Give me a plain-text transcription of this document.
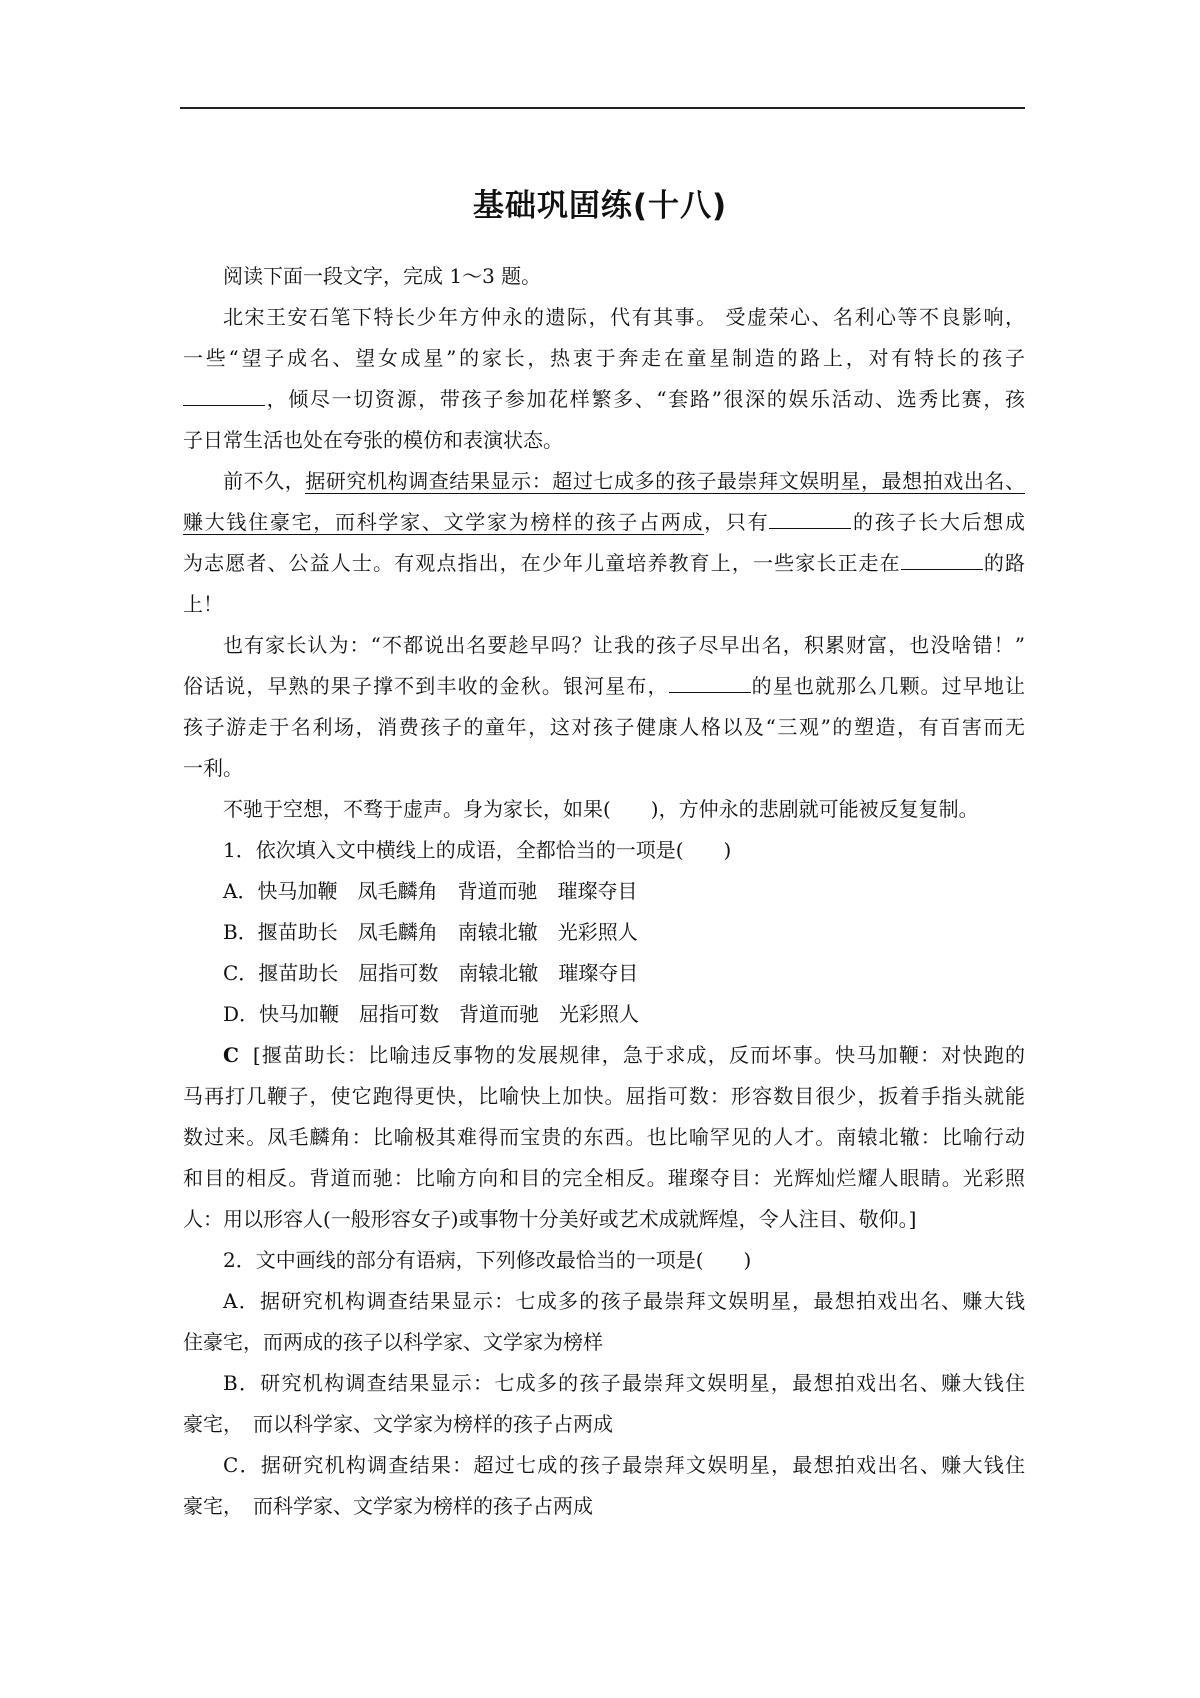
基础巩固练(十八)
阅读下面一段文字，完成 1～3 题。
北宋王安石笔下特长少年方仲永的遗际，代有其事。 受虚荣心、名利心等不良影响，
一些“望子成名、望女成星”的家长，热衷于奔走在童星制造的路上，对有特长的孩子
，倾尽一切资源，带孩子参加花样繁多、“套路”很深的娱乐活动、选秀比赛，孩
子日常生活也处在夸张的模仿和表演状态。
前不久，据研究机构调查结果显示：超过七成多的孩子最崇拜文娱明星，最想拍戏出名、
赚大钱住豪宅，而科学家、文学家为榜样的孩子占两成，只有	的孩子长大后想成
为志愿者、公益人士。有观点指出，在少年儿童培养教育上，一些家长正走在	的路
上！
也有家长认为：“不都说出名要趁早吗？让我的孩子尽早出名，积累财富，也没啥错！”
俗话说，早熟的果子撑不到丰收的金秋。银河星布，	的星也就那么几颗。过早地让
孩子游走于名利场，消费孩子的童年，这对孩子健康人格以及“三观”的塑造，有百害而无
一利。
不驰于空想，不骛于虚声。身为家长，如果(　　)，方仲永的悲剧就可能被反复复制。
1．依次填入文中横线上的成语，全都恰当的一项是(　　)
A．快马加鞭 凤毛麟角 背道而驰 璀璨夺目
B．揠苗助长 凤毛麟角 南辕北辙 光彩照人
C．揠苗助长 屈指可数 南辕北辙 璀璨夺目
D．快马加鞭 屈指可数 背道而驰 光彩照人
C [揠苗助长：比喻违反事物的发展规律，急于求成，反而坏事。快马加鞭：对快跑的
马再打几鞭子，使它跑得更快，比喻快上加快。屈指可数：形容数目很少，扳着手指头就能
数过来。凤毛麟角：比喻极其难得而宝贵的东西。也比喻罕见的人才。南辕北辙：比喻行动
和目的相反。背道而驰：比喻方向和目的完全相反。璀璨夺目：光辉灿烂耀人眼睛。光彩照
人：用以形容人(一般形容女子)或事物十分美好或艺术成就辉煌，令人注目、敬仰。]
2．文中画线的部分有语病，下列修改最恰当的一项是(　　)
A．据研究机构调查结果显示：七成多的孩子最崇拜文娱明星，最想拍戏出名、赚大钱
住豪宅，而两成的孩子以科学家、文学家为榜样
B．研究机构调查结果显示：七成多的孩子最崇拜文娱明星，最想拍戏出名、赚大钱住
豪宅，　而以科学家、文学家为榜样的孩子占两成
C．据研究机构调查结果：超过七成的孩子最崇拜文娱明星，最想拍戏出名、赚大钱住
豪宅，　而科学家、文学家为榜样的孩子占两成
